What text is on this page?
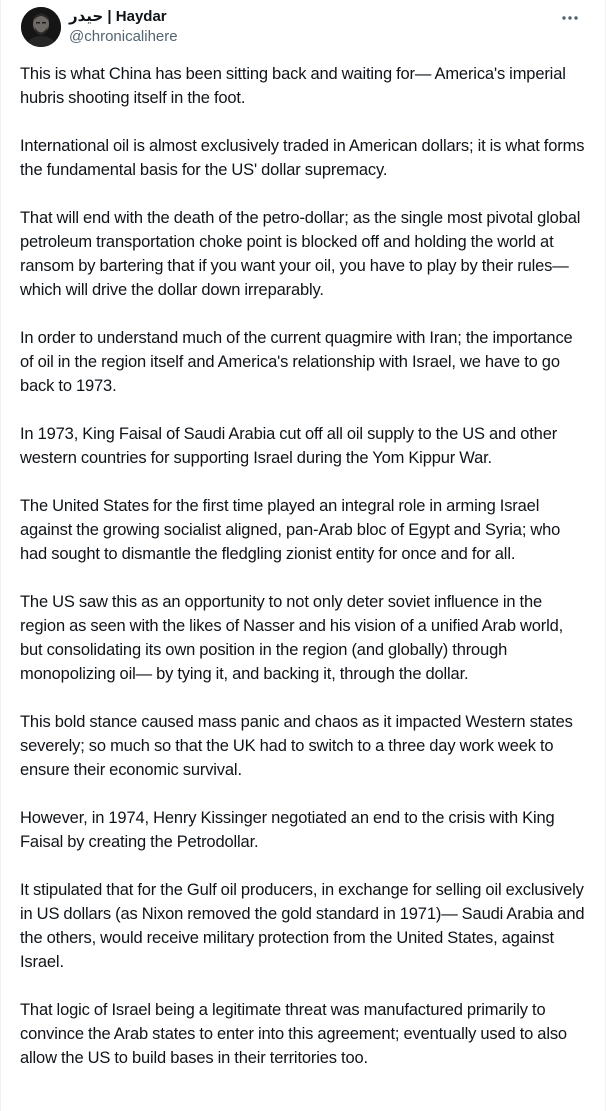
حيدر | Haydar
@chronicalihere

This is what China has been sitting back and waiting for— America's imperial hubris shooting itself in the foot.

International oil is almost exclusively traded in American dollars; it is what forms the fundamental basis for the US' dollar supremacy.

That will end with the death of the petro-dollar; as the single most pivotal global petroleum transportation choke point is blocked off and holding the world at ransom by bartering that if you want your oil, you have to play by their rules— which will drive the dollar down irreparably.

In order to understand much of the current quagmire with Iran; the importance of oil in the region itself and America's relationship with Israel, we have to go back to 1973.

In 1973, King Faisal of Saudi Arabia cut off all oil supply to the US and other western countries for supporting Israel during the Yom Kippur War.

The United States for the first time played an integral role in arming Israel against the growing socialist aligned, pan-Arab bloc of Egypt and Syria; who had sought to dismantle the fledgling zionist entity for once and for all.

The US saw this as an opportunity to not only deter soviet influence in the region as seen with the likes of Nasser and his vision of a unified Arab world, but consolidating its own position in the region (and globally) through monopolizing oil— by tying it, and backing it, through the dollar.

This bold stance caused mass panic and chaos as it impacted Western states severely; so much so that the UK had to switch to a three day work week to ensure their economic survival.

However, in 1974, Henry Kissinger negotiated an end to the crisis with King Faisal by creating the Petrodollar.

It stipulated that for the Gulf oil producers, in exchange for selling oil exclusively in US dollars (as Nixon removed the gold standard in 1971)— Saudi Arabia and the others, would receive military protection from the United States, against Israel.

That logic of Israel being a legitimate threat was manufactured primarily to convince the Arab states to enter into this agreement; eventually used to also allow the US to build bases in their territories too.
